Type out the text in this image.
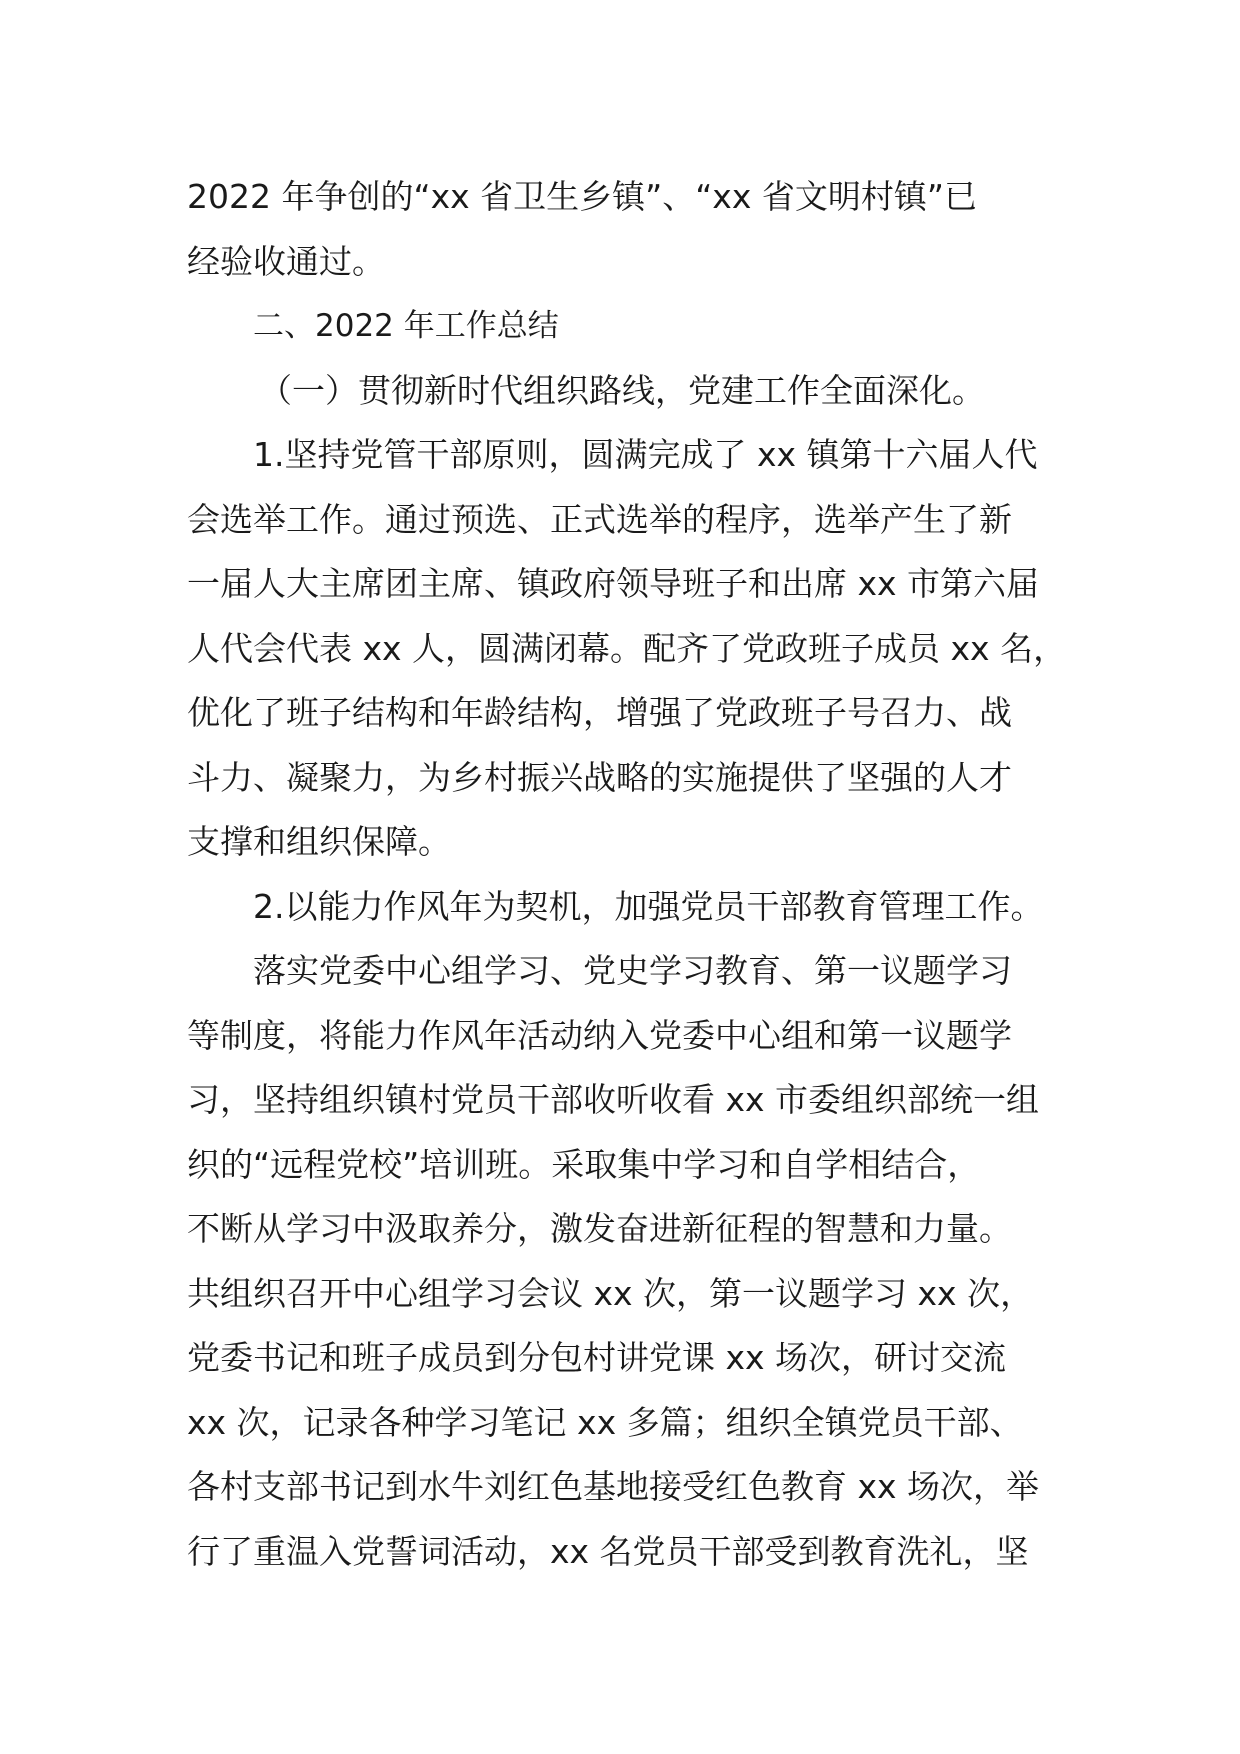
2022 年争创的“xx 省卫生乡镇”、“xx 省文明村镇”已
经验收通过。
二、2022 年工作总结
（一）贯彻新时代组织路线，党建工作全面深化。
1.坚持党管干部原则，圆满完成了 xx 镇第十六届人代
会选举工作。通过预选、正式选举的程序，选举产生了新
一届人大主席团主席、镇政府领导班子和出席 xx 市第六届
人代会代表 xx 人，圆满闭幕。配齐了党政班子成员 xx 名，
优化了班子结构和年龄结构，增强了党政班子号召力、战
斗力、凝聚力，为乡村振兴战略的实施提供了坚强的人才
支撑和组织保障。
2.以能力作风年为契机，加强党员干部教育管理工作。
落实党委中心组学习、党史学习教育、第一议题学习
等制度，将能力作风年活动纳入党委中心组和第一议题学
习，坚持组织镇村党员干部收听收看 xx 市委组织部统一组
织的“远程党校”培训班。采取集中学习和自学相结合，
不断从学习中汲取养分，激发奋进新征程的智慧和力量。
共组织召开中心组学习会议 xx 次，第一议题学习 xx 次，
党委书记和班子成员到分包村讲党课 xx 场次，研讨交流
xx 次，记录各种学习笔记 xx 多篇；组织全镇党员干部、
各村支部书记到水牛刘红色基地接受红色教育 xx 场次，举
行了重温入党誓词活动，xx 名党员干部受到教育洗礼，坚
